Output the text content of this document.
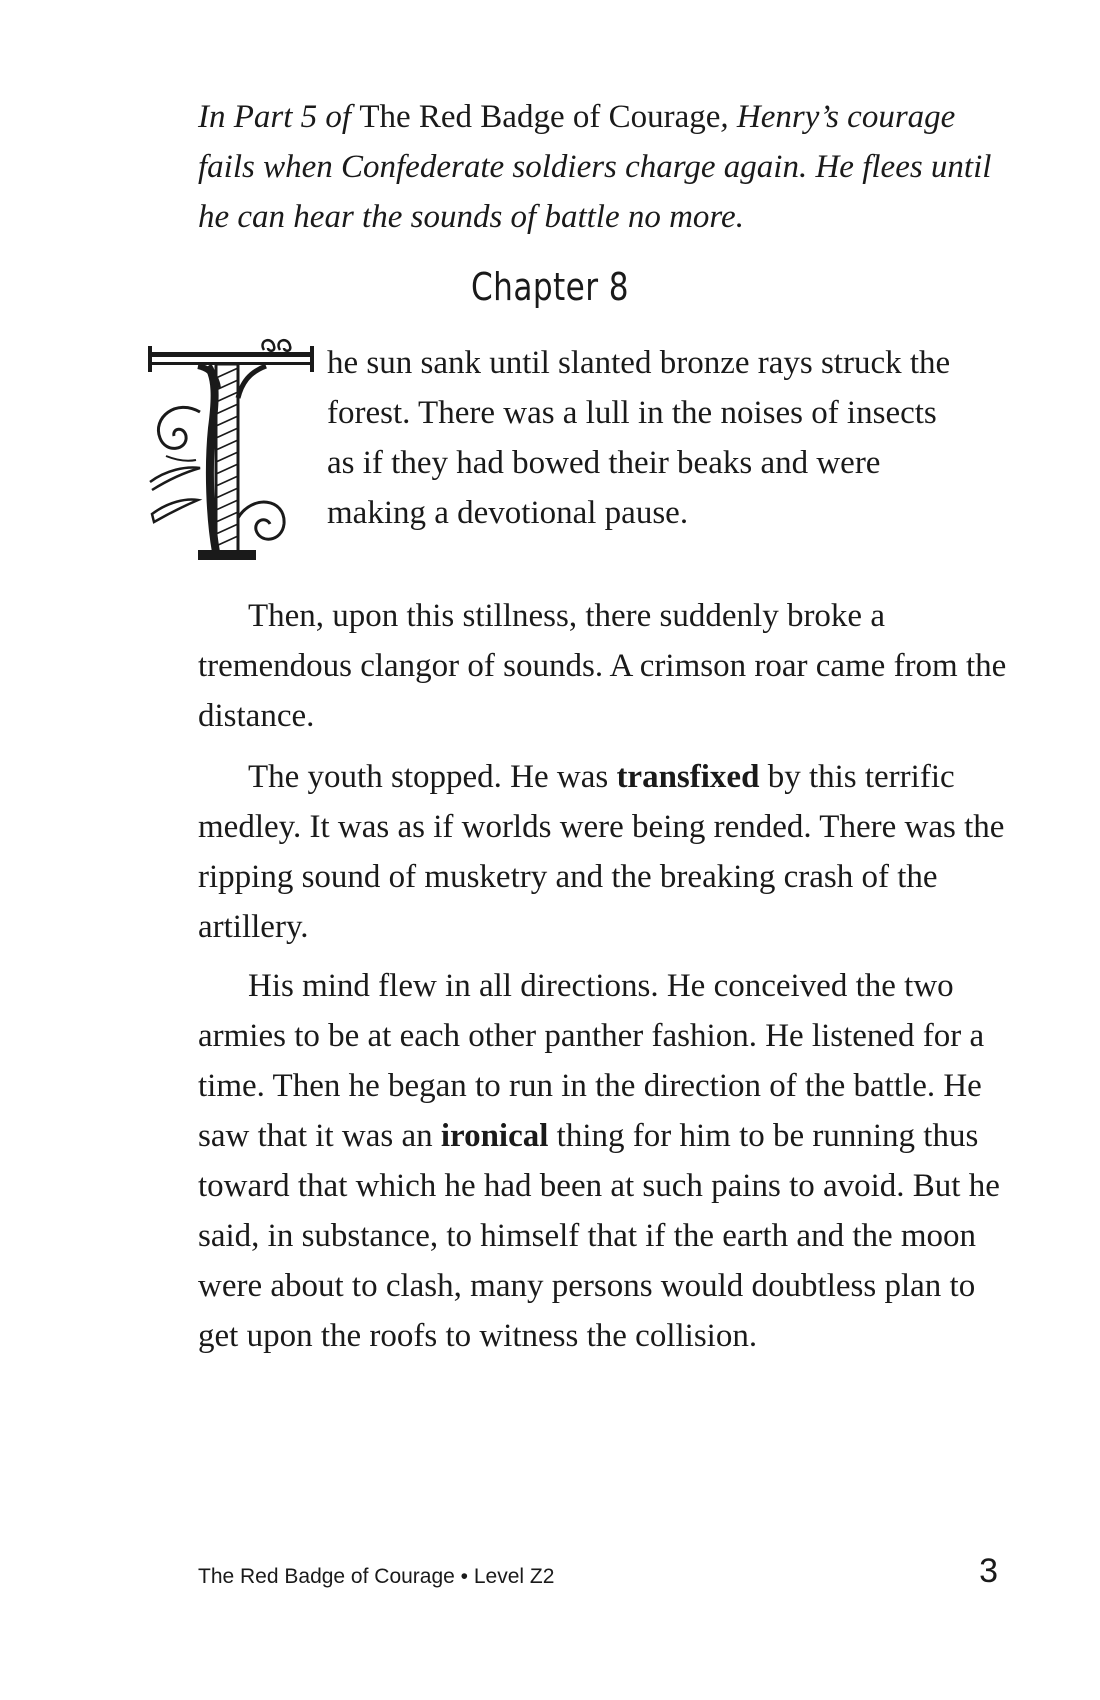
In Part 5 of The Red Badge of Courage, Henry’s courage fails when Confederate soldiers charge again. He flees until he can hear the sounds of battle no more.

Chapter 8

he sun sank until slanted bronze rays struck the forest. There was a lull in the noises of insects as if they had bowed their beaks and were making a devotional pause.

Then, upon this stillness, there suddenly broke a tremendous clangor of sounds. A crimson roar came from the distance.

The youth stopped. He was transfixed by this terrific medley. It was as if worlds were being rended. There was the ripping sound of musketry and the breaking crash of the artillery.

His mind flew in all directions. He conceived the two armies to be at each other panther fashion. He listened for a time. Then he began to run in the direction of the battle. He saw that it was an ironical thing for him to be running thus toward that which he had been at such pains to avoid. But he said, in substance, to himself that if the earth and the moon were about to clash, many persons would doubtless plan to get upon the roofs to witness the collision.

The Red Badge of Courage • Level Z2	3
